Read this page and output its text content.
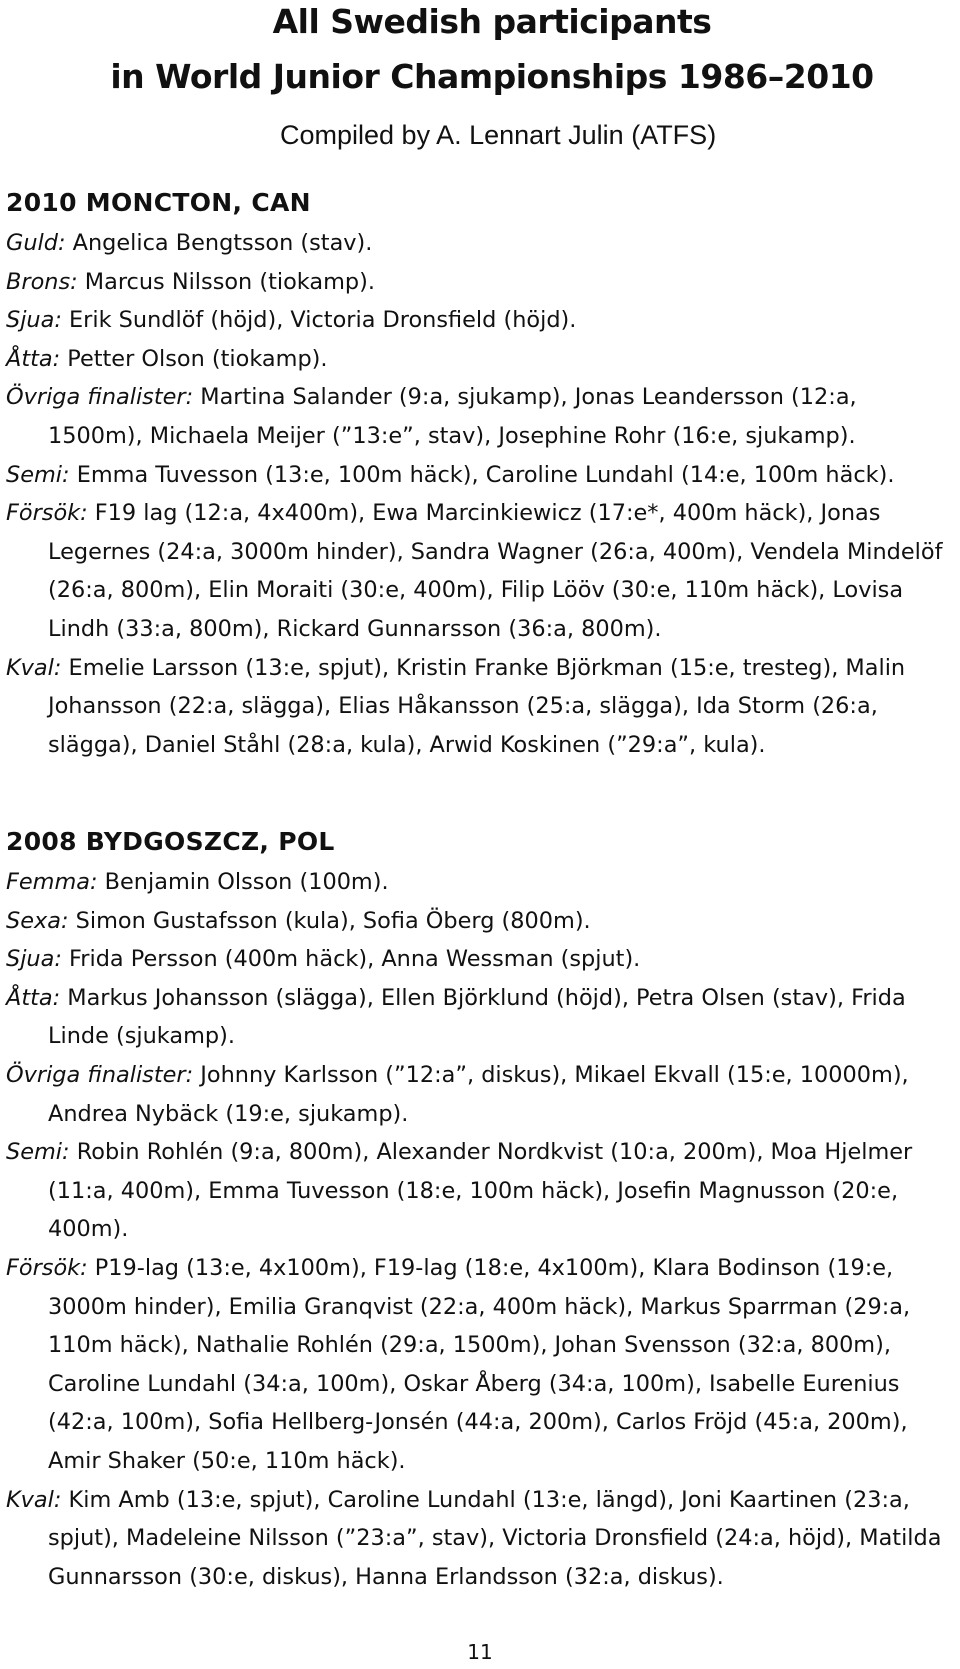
All Swedish participants
in World Junior Championships 1986–2010
Compiled by A. Lennart Julin (ATFS)
2010 MONCTON, CAN

Guld: Angelica Bengtsson (stav).

Brons: Marcus Nilsson (tiokamp).

Sjua: Erik Sundlöf (höjd), Victoria Dronsfield (höjd).

Åtta: Petter Olson (tiokamp).

Övriga finalister: Martina Salander (9:a, sjukamp), Jonas Leandersson (12:a, 1500m), Michaela Meijer (”13:e”, stav), Josephine Rohr (16:e, sjukamp).

Semi: Emma Tuvesson (13:e, 100m häck), Caroline Lundahl (14:e, 100m häck).

Försök: F19 lag (12:a, 4x400m), Ewa Marcinkiewicz (17:e*, 400m häck), Jonas Legernes (24:a, 3000m hinder), Sandra Wagner (26:a, 400m), Vendela Mindelöf (26:a, 800m), Elin Moraiti (30:e, 400m), Filip Lööv (30:e, 110m häck), Lovisa Lindh (33:a, 800m), Rickard Gunnarsson (36:a, 800m).

Kval: Emelie Larsson (13:e, spjut), Kristin Franke Björkman (15:e, tresteg), Malin Johansson (22:a, slägga), Elias Håkansson (25:a, slägga), Ida Storm (26:a, slägga), Daniel Ståhl (28:a, kula), Arwid Koskinen (”29:a”, kula).

2008 BYDGOSZCZ, POL

Femma: Benjamin Olsson (100m).

Sexa: Simon Gustafsson (kula), Sofia Öberg (800m).

Sjua: Frida Persson (400m häck), Anna Wessman (spjut).

Åtta: Markus Johansson (slägga), Ellen Björklund (höjd), Petra Olsen (stav), Frida Linde (sjukamp).

Övriga finalister: Johnny Karlsson (”12:a”, diskus), Mikael Ekvall (15:e, 10000m), Andrea Nybäck (19:e, sjukamp).

Semi: Robin Rohlén (9:a, 800m), Alexander Nordkvist (10:a, 200m), Moa Hjelmer (11:a, 400m), Emma Tuvesson (18:e, 100m häck), Josefin Magnusson (20:e, 400m).

Försök: P19-lag (13:e, 4x100m), F19-lag (18:e, 4x100m), Klara Bodinson (19:e, 3000m hinder), Emilia Granqvist (22:a, 400m häck), Markus Sparrman (29:a, 110m häck), Nathalie Rohlén (29:a, 1500m), Johan Svensson (32:a, 800m), Caroline Lundahl (34:a, 100m), Oskar Åberg (34:a, 100m), Isabelle Eurenius (42:a, 100m), Sofia Hellberg-Jonsén (44:a, 200m), Carlos Fröjd (45:a, 200m), Amir Shaker (50:e, 110m häck).

Kval: Kim Amb (13:e, spjut), Caroline Lundahl (13:e, längd), Joni Kaartinen (23:a, spjut), Madeleine Nilsson (”23:a”, stav), Victoria Dronsfield (24:a, höjd), Matilda Gunnarsson (30:e, diskus), Hanna Erlandsson (32:a, diskus).

11
